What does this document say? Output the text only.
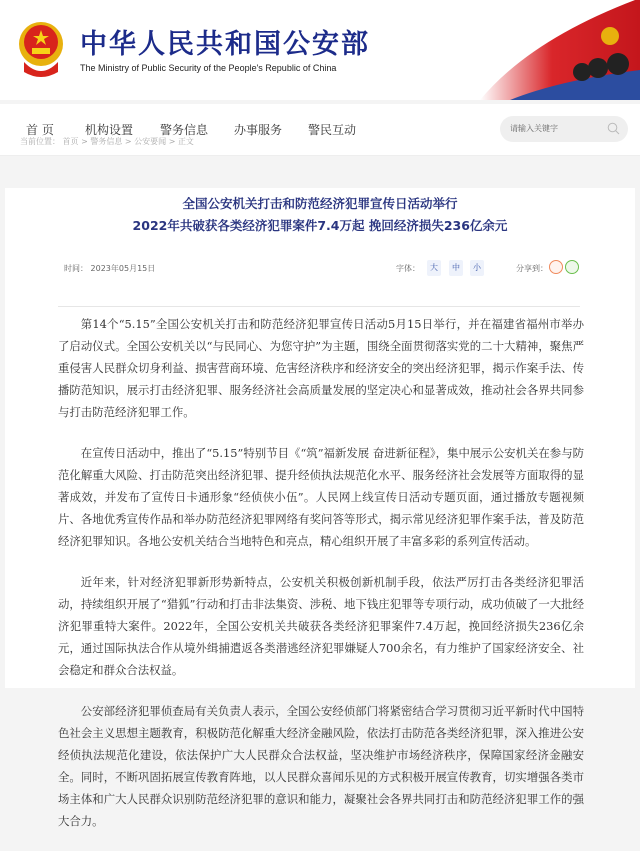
中华人民共和国公安部
The Ministry of Public Security of the People's Republic of China
首 页	机构设置 警务信息 办事服务 警民互动	请输入关键字
当前位置： 首页 > 警务信息 > 公安要闻 > 正文
全国公安机关打击和防范经济犯罪宣传日活动举行
2022年共破获各类经济犯罪案件7.4万起 挽回经济损失236亿余元
时间： 2023年05月15日	字体：	大	中	小	分享到：

第14个“5.15”全国公安机关打击和防范经济犯罪宣传日活动5月15日举行，并在福建省福州市举办了启动仪式。全国公安机关以“与民同心、为您守护”为主题，围绕全面贯彻落实党的二十大精神，聚焦严重侵害人民群众切身利益、损害营商环境、危害经济秩序和经济安全的突出经济犯罪，揭示作案手法、传播防范知识，展示打击经济犯罪、服务经济社会高质量发展的坚定决心和显著成效，推动社会各界共同参与打击防范经济犯罪工作。

在宣传日活动中，推出了“5.15”特别节目《“筑”福新发展 奋进新征程》，集中展示公安机关在参与防范化解重大风险、打击防范突出经济犯罪、提升经侦执法规范化水平、服务经济社会发展等方面取得的显著成效，并发布了宣传日卡通形象“经侦侠小伍”。人民网上线宣传日活动专题页面，通过播放专题视频片、各地优秀宣传作品和举办防范经济犯罪网络有奖问答等形式，揭示常见经济犯罪作案手法，普及防范经济犯罪知识。各地公安机关结合当地特色和亮点，精心组织开展了丰富多彩的系列宣传活动。

近年来，针对经济犯罪新形势新特点，公安机关积极创新机制手段，依法严厉打击各类经济犯罪活动，持续组织开展了“猎狐”行动和打击非法集资、涉税、地下钱庄犯罪等专项行动，成功侦破了一大批经济犯罪重特大案件。2022年，全国公安机关共破获各类经济犯罪案件7.4万起，挽回经济损失236亿余元，通过国际执法合作从境外缉捕遣返各类潜逃经济犯罪嫌疑人700余名，有力维护了国家经济安全、社会稳定和群众合法权益。

公安部经济犯罪侦查局有关负责人表示，全国公安经侦部门将紧密结合学习贯彻习近平新时代中国特色社会主义思想主题教育，积极防范化解重大经济金融风险，依法打击防范各类经济犯罪，深入推进公安经侦执法规范化建设，依法保护广大人民群众合法权益，坚决维护市场经济秩序，保障国家经济金融安全。同时，不断巩固拓展宣传教育阵地，以人民群众喜闻乐见的方式积极开展宣传教育，切实增强各类市场主体和广大人民群众识别防范经济犯罪的意识和能力，凝聚社会各界共同打击和防范经济犯罪工作的强大合力。
